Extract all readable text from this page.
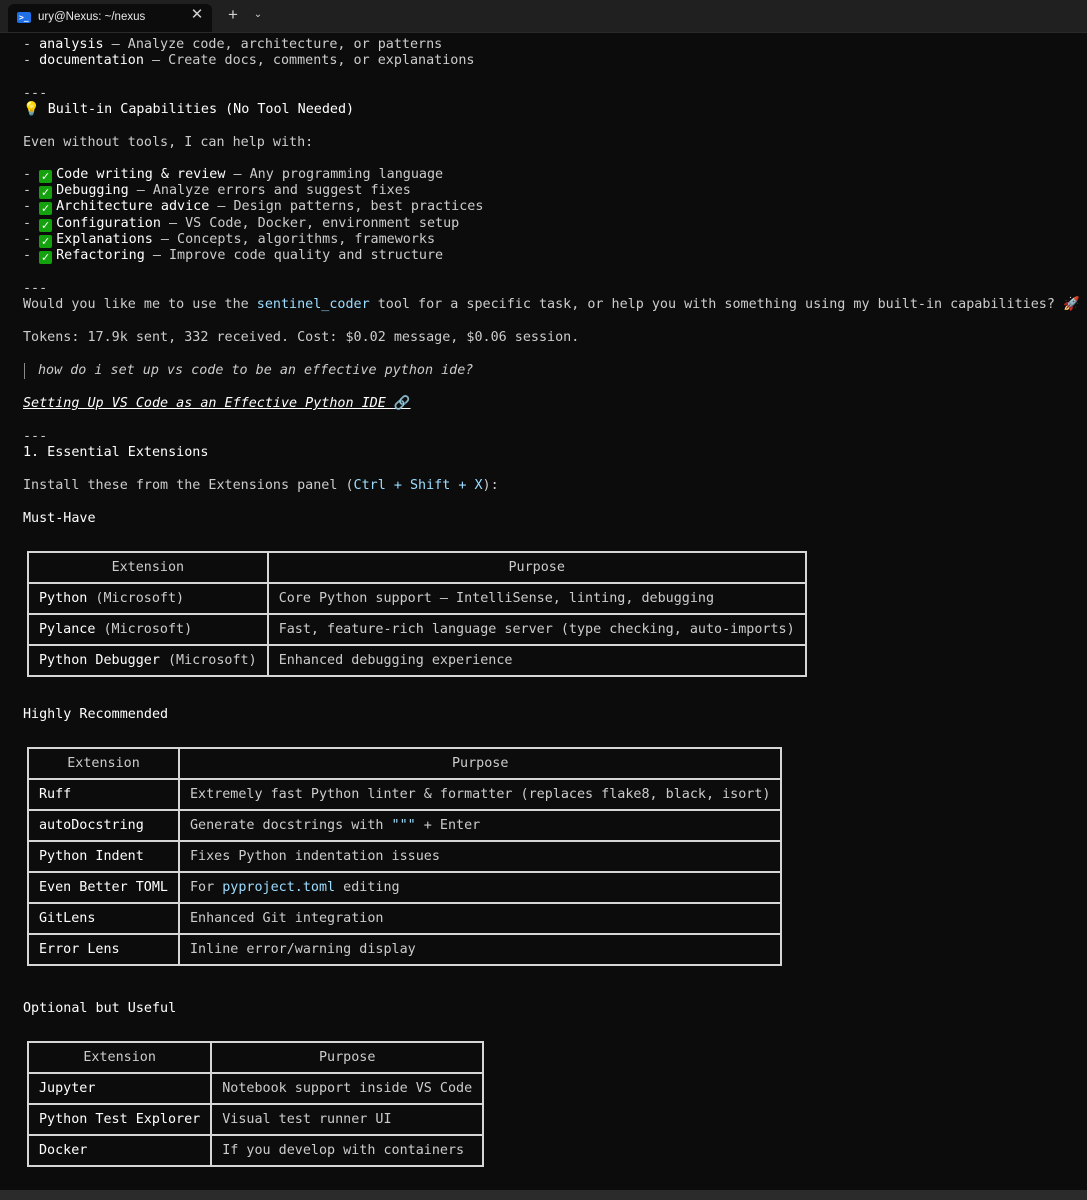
>_ ury@Nexus: ~/nexus	✕ +	⌄
- analysis — Analyze code, architecture, or patterns
- documentation — Create docs, comments, or explanations
---
💡 Built-in Capabilities (No Tool Needed)
Even without tools, I can help with:
- ✓ Code writing & review — Any programming language
- ✓ Debugging — Analyze errors and suggest fixes
- ✓ Architecture advice — Design patterns, best practices
- ✓ Configuration — VS Code, Docker, environment setup
- ✓ Explanations — Concepts, algorithms, frameworks
- ✓ Refactoring — Improve code quality and structure
---
Would you like me to use the sentinel_coder tool for a specific task, or help you with something using my built-in capabilities? 🚀
Tokens: 17.9k sent, 332 received. Cost: $0.02 message, $0.06 session.
how do i set up vs code to be an effective python ide?
Setting Up VS Code as an Effective Python IDE 🔗
---
1. Essential Extensions
Install these from the Extensions panel (Ctrl + Shift + X):
Must-Have
Extension	Purpose
Python (Microsoft)	Core Python support — IntelliSense, linting, debugging
Pylance (Microsoft)	Fast, feature-rich language server (type checking, auto-imports)
Python Debugger (Microsoft)	Enhanced debugging experience
Highly Recommended
Extension	Purpose
Ruff	Extremely fast Python linter & formatter (replaces flake8, black, isort)
autoDocstring	Generate docstrings with """ + Enter
Python Indent	Fixes Python indentation issues
Even Better TOML	For pyproject.toml editing
GitLens	Enhanced Git integration
Error Lens	Inline error/warning display
Optional but Useful
Extension	Purpose
Jupyter	Notebook support inside VS Code
Python Test Explorer	Visual test runner UI
Docker	If you develop with containers
